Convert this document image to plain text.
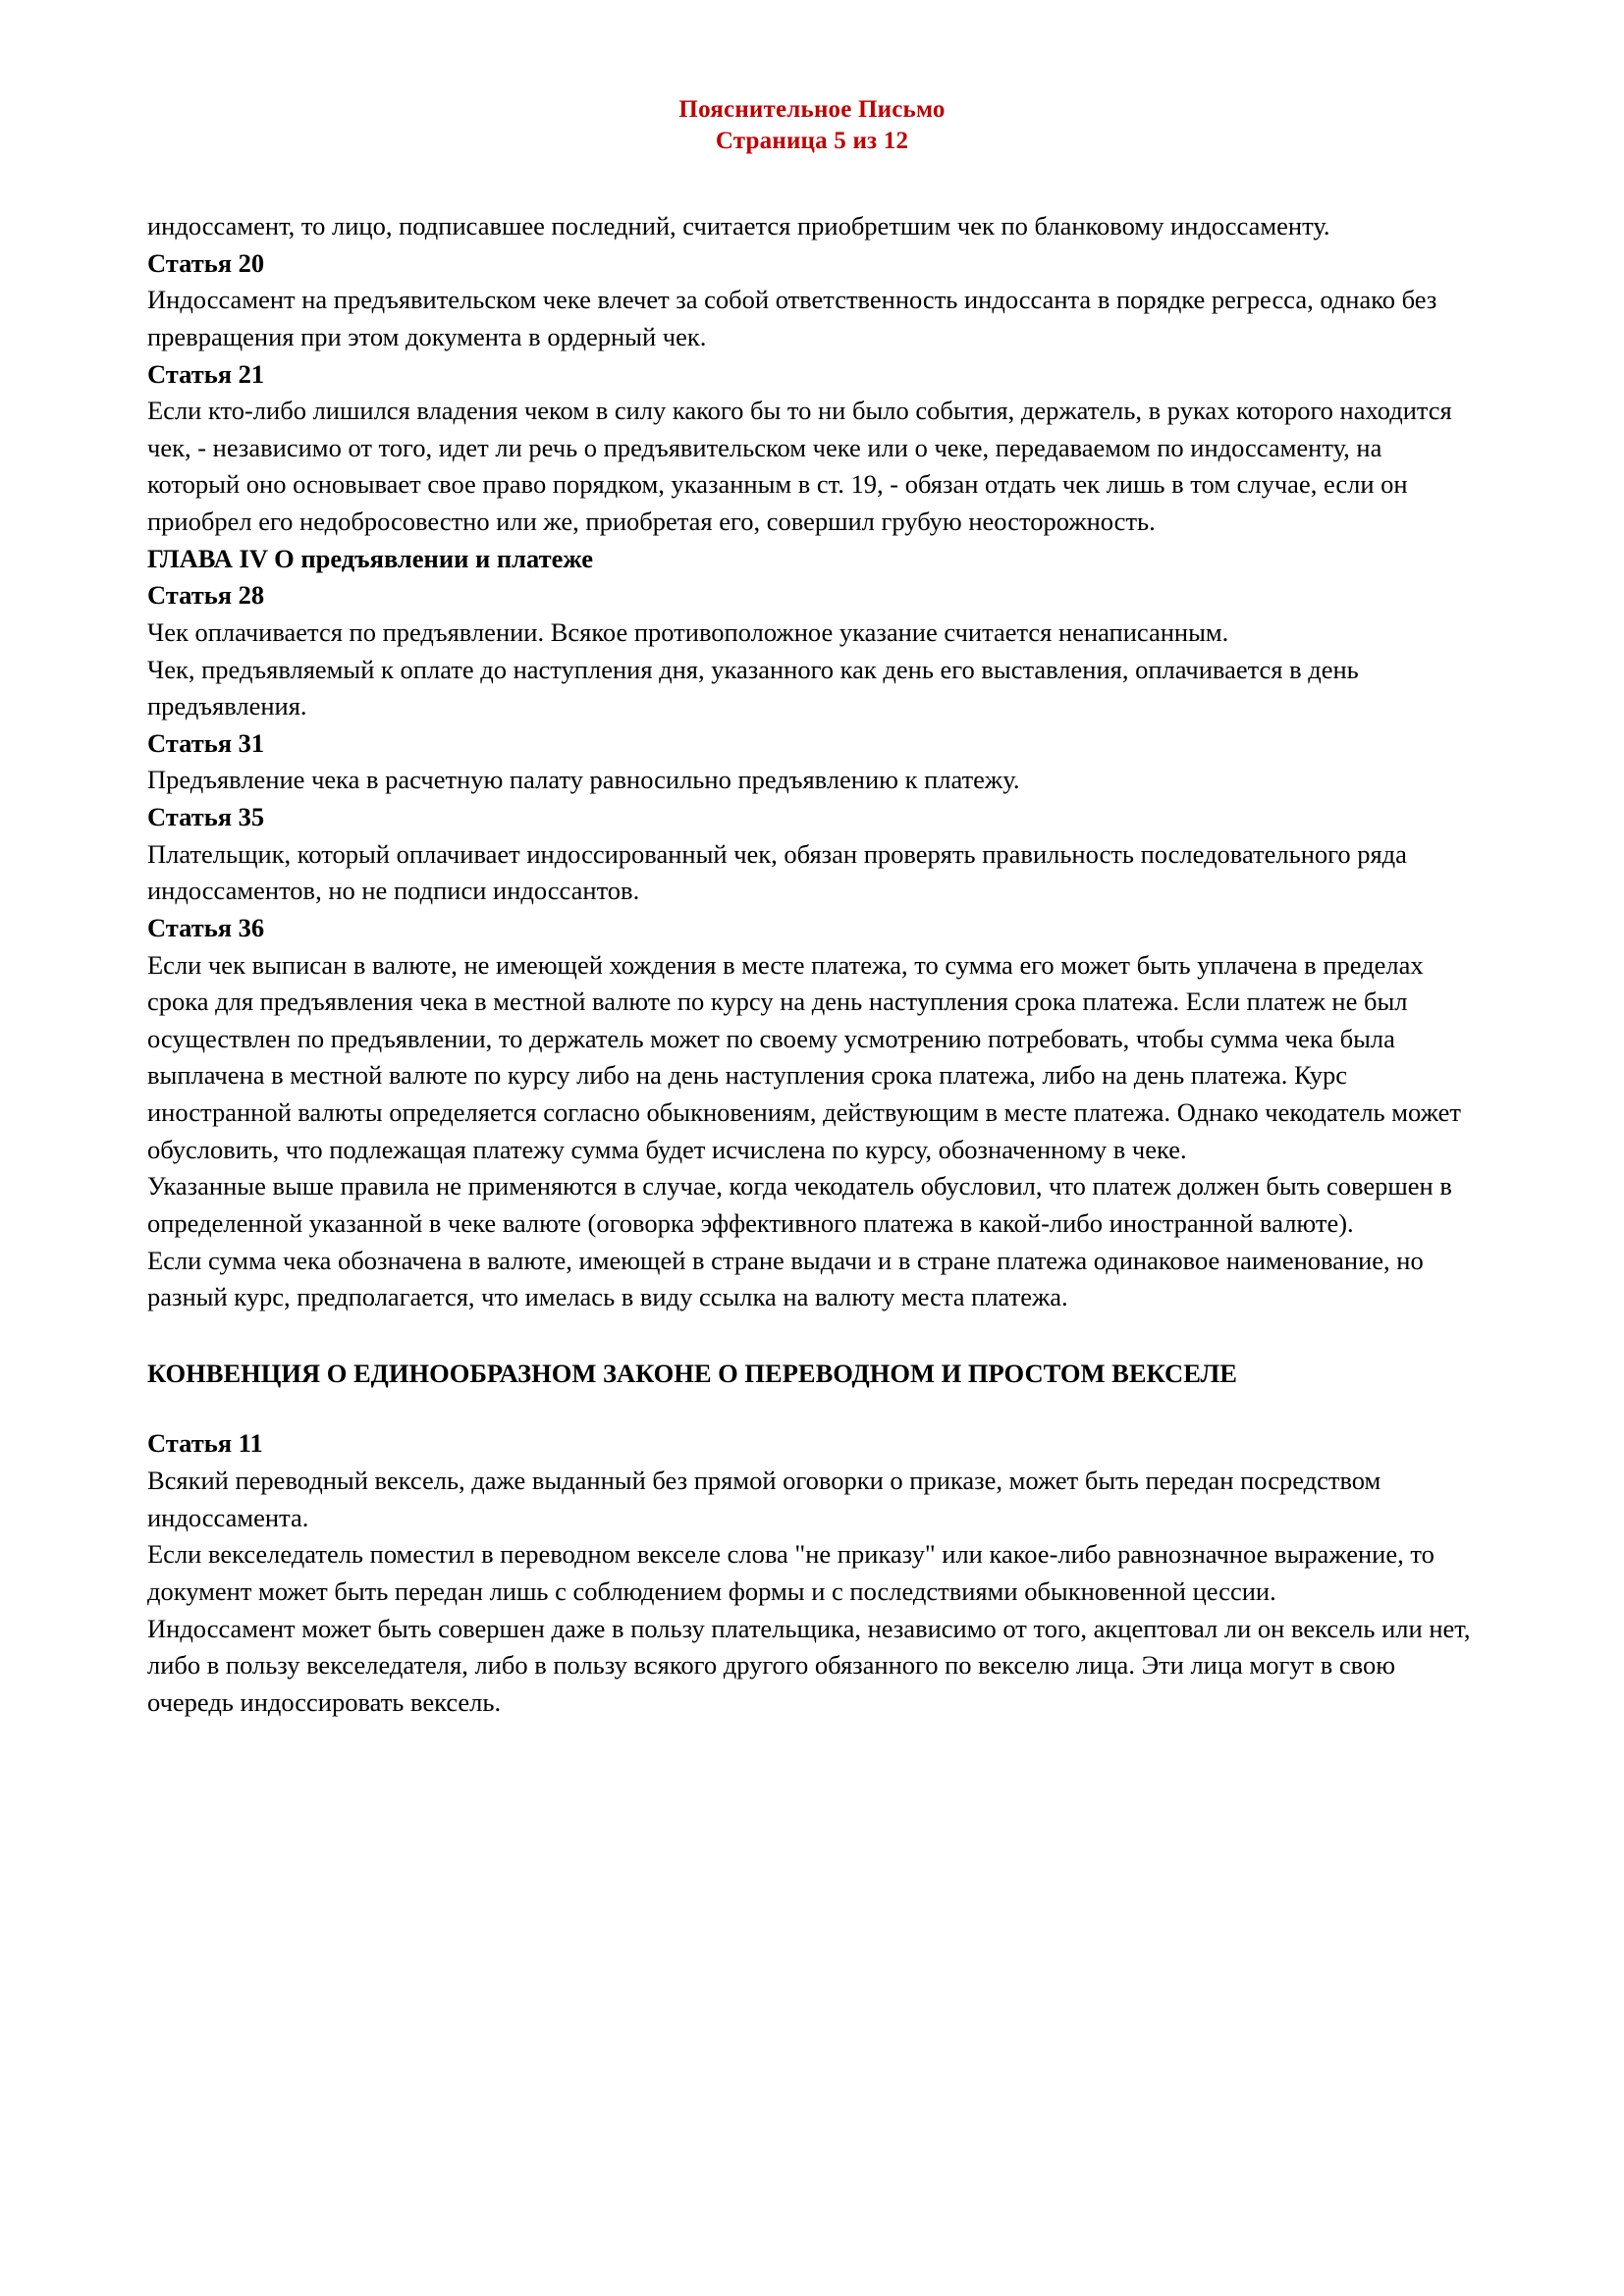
Пояснительное Письмо
Страница 5 из 12

индоссамент, то лицо, подписавшее последний, считается приобретшим чек по бланковому индоссаменту.

Статья 20

Индоссамент на предъявительском чеке влечет за собой ответственность индоссанта в порядке регресса, однако без превращения при этом документа в ордерный чек.

Статья 21

Если кто-либо лишился владения чеком в силу какого бы то ни было события, держатель, в руках которого находится чек, - независимо от того, идет ли речь о предъявительском чеке или о чеке, передаваемом по индоссаменту, на который оно основывает свое право порядком, указанным в ст. 19, - обязан отдать чек лишь в том случае, если он приобрел его недобросовестно или же, приобретая его, совершил грубую неосторожность.

ГЛАВА IV О предъявлении и платеже

Статья 28

Чек оплачивается по предъявлении. Всякое противоположное указание считается ненаписанным.

Чек, предъявляемый к оплате до наступления дня, указанного как день его выставления, оплачивается в день предъявления.

Статья 31

Предъявление чека в расчетную палату равносильно предъявлению к платежу.

Статья 35

Плательщик, который оплачивает индоссированный чек, обязан проверять правильность последовательного ряда индоссаментов, но не подписи индоссантов.

Статья 36

Если чек выписан в валюте, не имеющей хождения в месте платежа, то сумма его может быть уплачена в пределах срока для предъявления чека в местной валюте по курсу на день наступления срока платежа. Если платеж не был осуществлен по предъявлении, то держатель может по своему усмотрению потребовать, чтобы сумма чека была выплачена в местной валюте по курсу либо на день наступления срока платежа, либо на день платежа. Курс иностранной валюты определяется согласно обыкновениям, действующим в месте платежа. Однако чекодатель может обусловить, что подлежащая платежу сумма будет исчислена по курсу, обозначенному в чеке.

Указанные выше правила не применяются в случае, когда чекодатель обусловил, что платеж должен быть совершен в определенной указанной в чеке валюте (оговорка эффективного платежа в какой-либо иностранной валюте).

Если сумма чека обозначена в валюте, имеющей в стране выдачи и в стране платежа одинаковое наименование, но разный курс, предполагается, что имелась в виду ссылка на валюту места платежа.

КОНВЕНЦИЯ О ЕДИНООБРАЗНОМ ЗАКОНЕ О ПЕРЕВОДНОМ И ПРОСТОМ ВЕКСЕЛЕ

Статья 11

Всякий переводный вексель, даже выданный без прямой оговорки о приказе, может быть передан посредством индоссамента.

Если векселедатель поместил в переводном векселе слова "не приказу" или какое-либо равнозначное выражение, то документ может быть передан лишь с соблюдением формы и с последствиями обыкновенной цессии.

Индоссамент может быть совершен даже в пользу плательщика, независимо от того, акцептовал ли он вексель или нет, либо в пользу векселедателя, либо в пользу всякого другого обязанного по векселю лица. Эти лица могут в свою очередь индоссировать вексель.
